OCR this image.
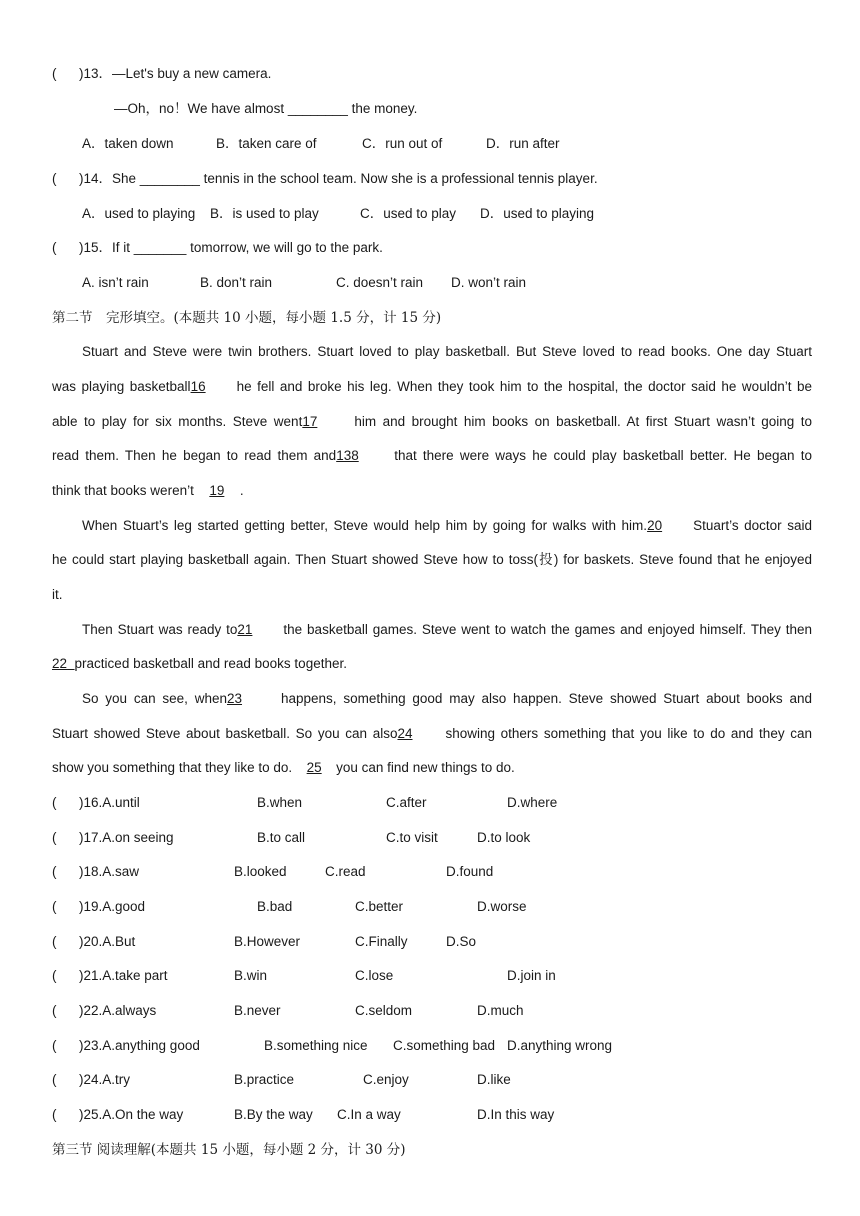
( )13．—Let's buy a new camera.
—Oh，no！We have almost ________ the money.
A．taken down	B．taken care of	C．run out of	D．run after
( )14．She ________ tennis in the school team. Now she is a professional tennis player.
A．used to playing B．is used to play	C．used to play D．used to playing
( )15．If it _______ tomorrow, we will go to the park.
A. isn’t rain	B. don’t rain	C. doesn’t rain D. won’t rain
第二节　完形填空。(本题共 10 小题，每小题 1.5 分，计 15 分)
Stuart and Steve were twin brothers. Stuart loved to play basketball. But Steve loved to read books. One day Stuart
was playing basketball16 he fell and broke his leg. When they took him to the hospital, the doctor said he wouldn’t be
able to play for six months. Steve went17	him and brought him books on basketball. At first Stuart wasn’t going to
read them. Then he began to read them and138	that there were ways he could play basketball better. He began to
think that books weren’t 19 .
When Stuart’s leg started getting better, Steve would help him by going for walks with him.20 Stuart’s doctor said
he could start playing basketball again. Then Stuart showed Steve how to toss(投) for baskets. Steve found that he enjoyed
it.
Then Stuart was ready to21 the basketball games. Steve went to watch the games and enjoyed himself. They then
22 practiced basketball and read books together.
So you can see, when23	happens, something good may also happen. Steve showed Stuart about books and
Stuart showed Steve about basketball. So you can also24 showing others something that you like to do and they can
show you something that they like to do. 25 you can find new things to do.
( )16.A.until	B.when	C.after	D.where
( )17.A.on seeing	B.to call	C.to visit	D.to look
( )18.A.saw	B.looked	C.read	D.found
( )19.A.good	B.bad	C.better	D.worse
( )20.A.But	B.However	C.Finally	D.So
( )21.A.take part	B.win	C.lose	D.join in
( )22.A.always	B.never	C.seldom	D.much
( )23.A.anything good	B.something nice C.something bad D.anything wrong
( )24.A.try	B.practice	C.enjoy	D.like
( )25.A.On the way	B.By the way C.In a way	D.In this way
第三节 阅读理解(本题共 15 小题，每小题 2 分，计 30 分)
